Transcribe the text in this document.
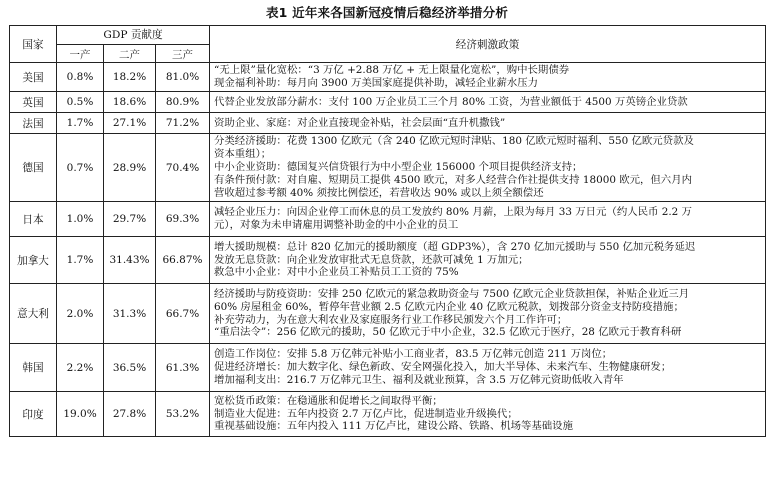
表1 近年来各国新冠疫情后稳经济举措分析
国家	GDP 贡献度			经济刺激政策
	一产	二产	三产	
美国	0.8%	18.2%	81.0%	“无上限”量化宽松：“3 万亿 +2.88 万亿 + 无上限量化宽松”，购中长期债券
现金福利补助：每月向 3900 万美国家庭提供补助，减轻企业薪水压力

英国	0.5%	18.6%	80.9%	代替企业发放部分薪水：支付 100 万企业员工三个月 80% 工资，为营业额低于 4500 万英镑企业贷款

法国	1.7%	27.1%	71.2%	资助企业、家庭：对企业直接现金补贴，社会层面“直升机撒钱”

德国	0.7%	28.9%	70.4%	分类经济援助：花费 1300 亿欧元（含 240 亿欧元短时津贴、180 亿欧元短时福利、550 亿欧元贷款及
资本重组）；
中小企业资助：德国复兴信贷银行为中小型企业 156000 个项目提供经济支持；
有条件预付款：对自雇、短期员工提供 4500 欧元，对多人经营合作社提供支持 18000 欧元，但六月内
营收超过参考额 40% 须按比例偿还，若营收达 90% 或以上须全额偿还

日本	1.0%	29.7%	69.3%	减轻企业压力：向因企业停工而休息的员工发放约 80% 月薪，上限为每月 33 万日元（约人民币 2.2 万
元），对象为未申请雇用调整补助金的中小企业的员工

加拿大	1.7%	31.43%	66.87%	增大援助规模：总计 820 亿加元的援助额度（超 GDP3%），含 270 亿加元援助与 550 亿加元税务延迟
发放无息贷款：向企业发放审批式无息贷款，还款可减免 1 万加元；
救急中小企业：对中小企业员工补贴员工工资的 75%

意大利	2.0%	31.3%	66.7%	经济援助与防疫资助：安排 250 亿欧元的紧急救助资金与 7500 亿欧元企业贷款担保，补贴企业近三月
60% 房屋租金 60%，暂停年营业额 2.5 亿欧元内企业 40 亿欧元税款，划拨部分资金支持防疫措施；
补充劳动力，为在意大利农业及家庭服务行业工作移民颁发六个月工作许可；
“重启法令”：256 亿欧元的援助，50 亿欧元于中小企业，32.5 亿欧元于医疗，28 亿欧元于教育科研

韩国	2.2%	36.5%	61.3%	创造工作岗位：安排 5.8 万亿韩元补贴小工商业者，83.5 万亿韩元创造 211 万岗位；
促进经济增长：加大数字化、绿色新政、安全网强化投入，加大半导体、未来汽车、生物健康研发；
增加福利支出：216.7 万亿韩元卫生、福利及就业预算，含 3.5 万亿韩元资助低收入青年

印度	19.0%	27.8%	53.2%	宽松货币政策：在稳通胀和促增长之间取得平衡；
制造业大促进：五年内投资 2.7 万亿卢比，促进制造业升级换代；
重视基础设施：五年内投入 111 万亿卢比，建设公路、铁路、机场等基础设施
